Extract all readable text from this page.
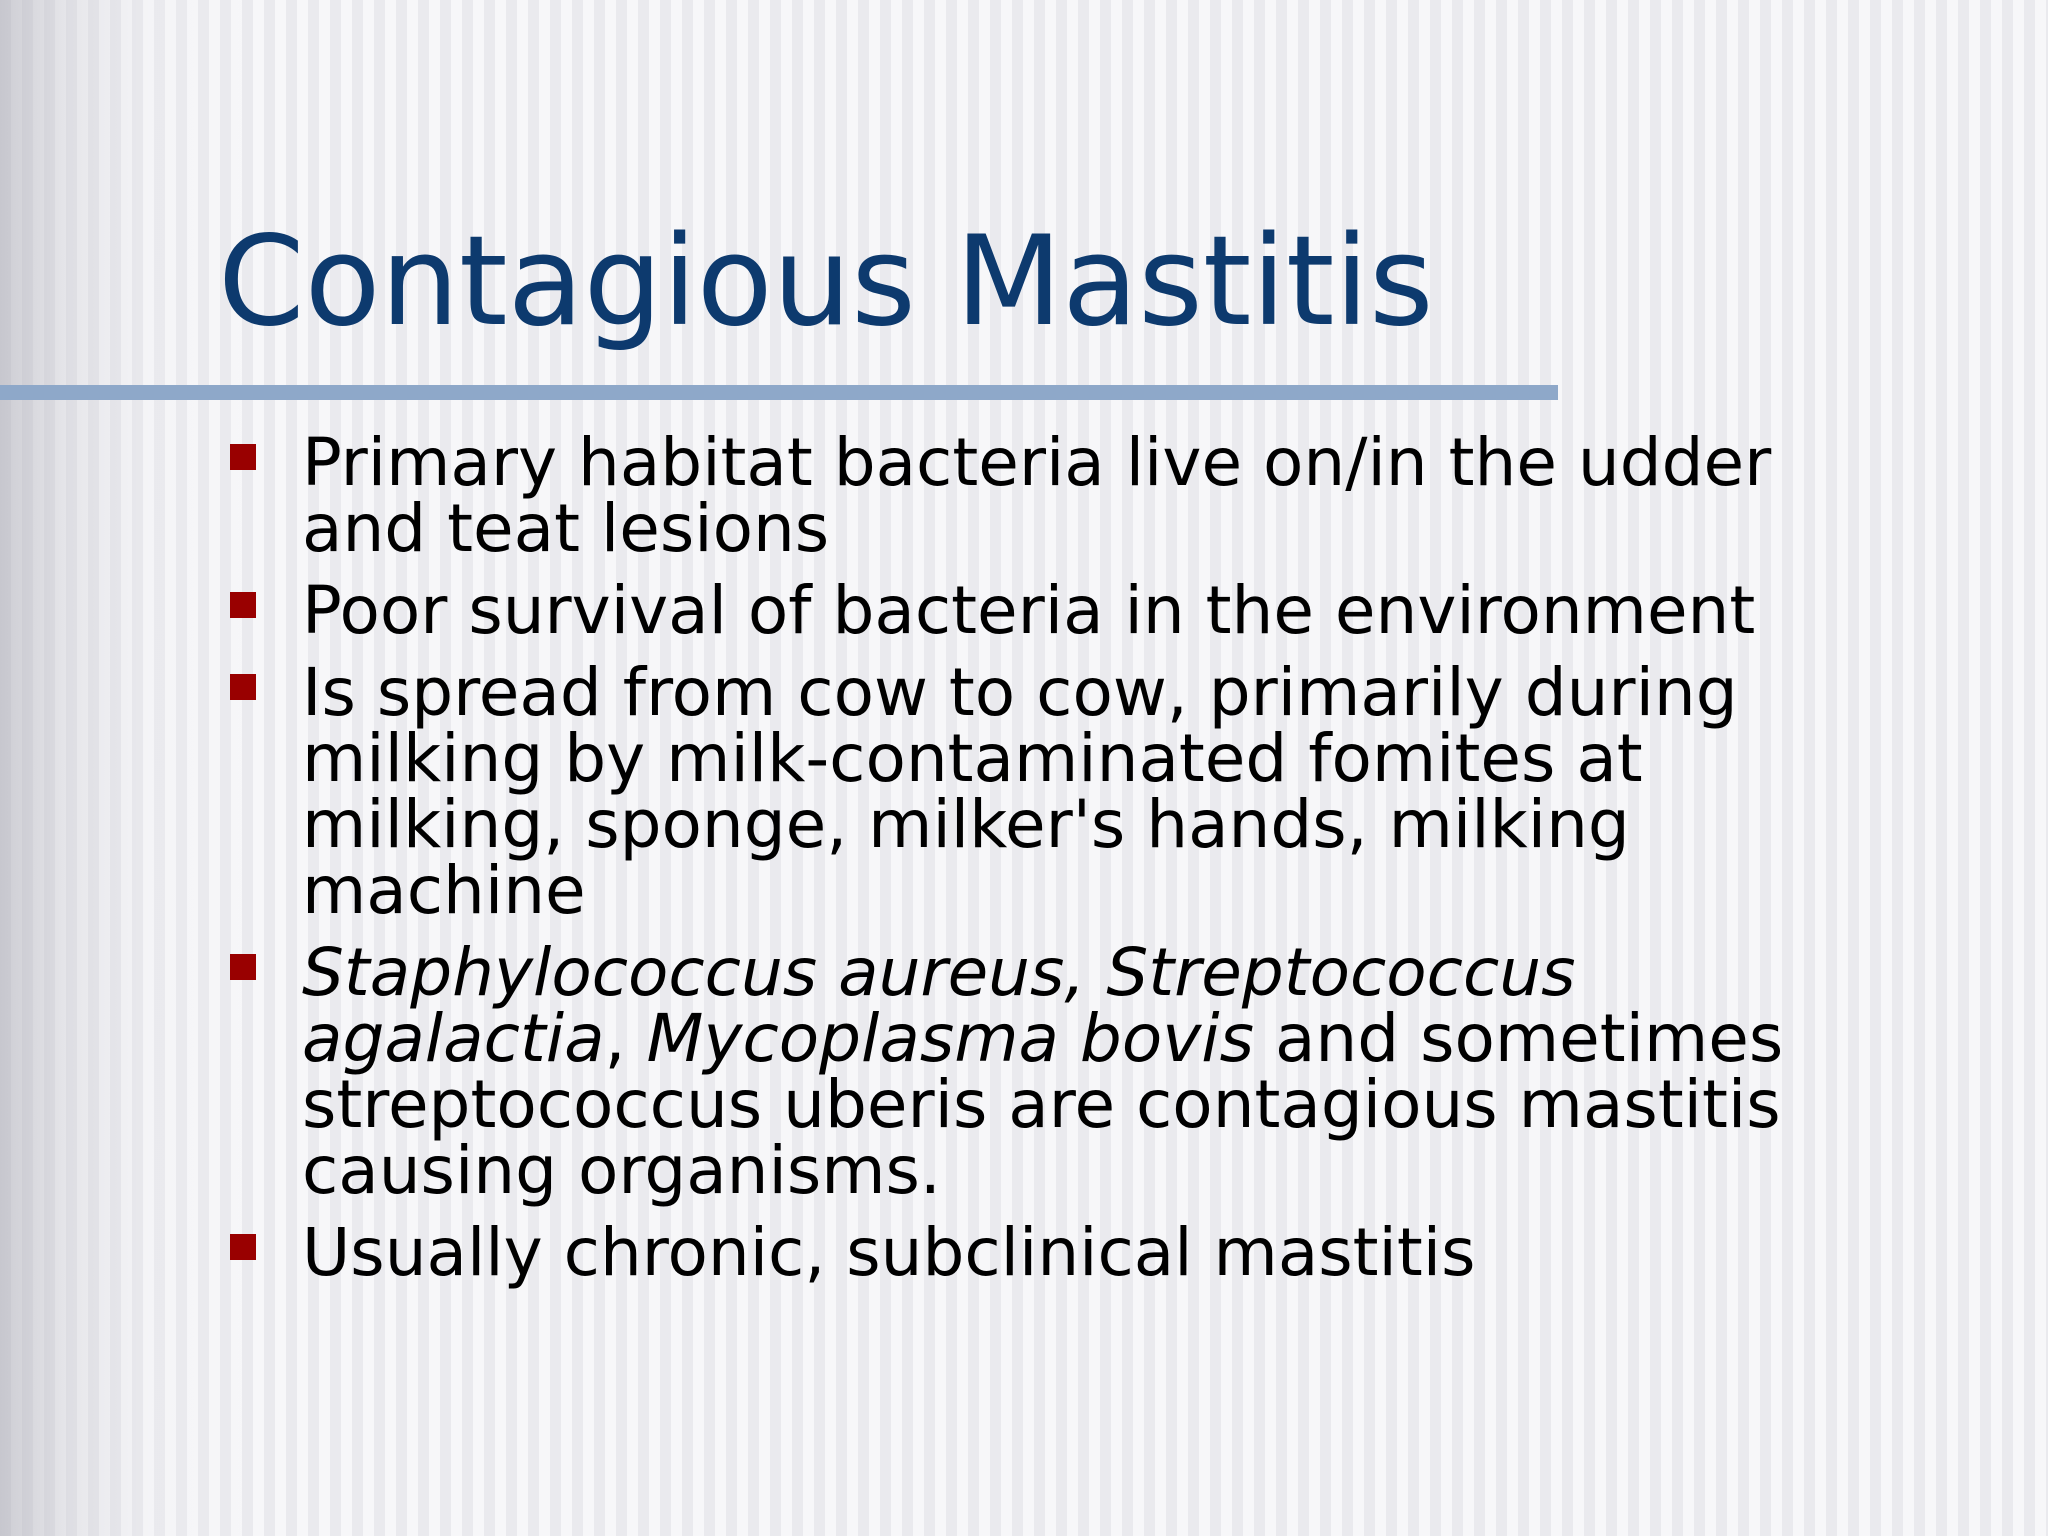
Contagious Mastitis
Primary habitat bacteria live on/in the udder and teat lesions
Poor survival of bacteria in the environment
Is spread from cow to cow, primarily during milking by milk-contaminated fomites at milking, sponge, milker's hands, milking machine
Staphylococcus aureus, Streptococcus agalactia, Mycoplasma bovis and sometimes streptococcus uberis are contagious mastitis causing organisms.
Usually chronic, subclinical mastitis
